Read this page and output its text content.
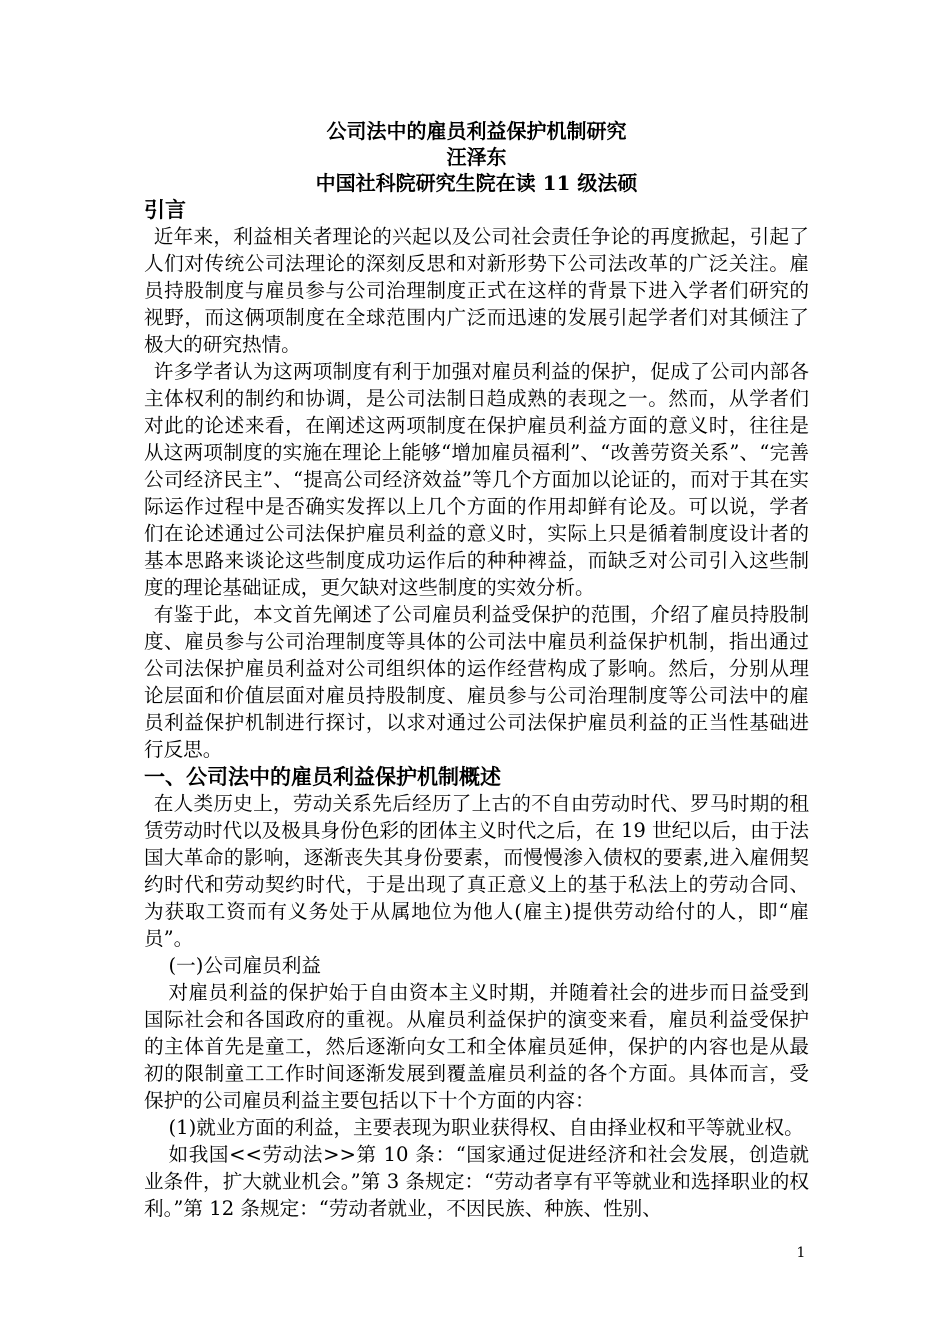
公司法中的雇员利益保护机制研究
汪泽东
中国社科院研究生院在读 11 级法硕
引言

近年来，利益相关者理论的兴起以及公司社会责任争论的再度掀起，引起了人们对传统公司法理论的深刻反思和对新形势下公司法改革的广泛关注。雇员持股制度与雇员参与公司治理制度正式在这样的背景下进入学者们研究的视野，而这俩项制度在全球范围内广泛而迅速的发展引起学者们对其倾注了极大的研究热情。

许多学者认为这两项制度有利于加强对雇员利益的保护，促成了公司内部各主体权利的制约和协调，是公司法制日趋成熟的表现之一。然而，从学者们对此的论述来看，在阐述这两项制度在保护雇员利益方面的意义时，往往是从这两项制度的实施在理论上能够“增加雇员福利”、“改善劳资关系”、“完善公司经济民主”、“提高公司经济效益”等几个方面加以论证的，而对于其在实际运作过程中是否确实发挥以上几个方面的作用却鲜有论及。可以说，学者们在论述通过公司法保护雇员利益的意义时，实际上只是循着制度设计者的基本思路来谈论这些制度成功运作后的种种裨益，而缺乏对公司引入这些制度的理论基础证成，更欠缺对这些制度的实效分析。

有鉴于此，本文首先阐述了公司雇员利益受保护的范围，介绍了雇员持股制度、雇员参与公司治理制度等具体的公司法中雇员利益保护机制，指出通过公司法保护雇员利益对公司组织体的运作经营构成了影响。然后，分别从理论层面和价值层面对雇员持股制度、雇员参与公司治理制度等公司法中的雇员利益保护机制进行探讨，以求对通过公司法保护雇员利益的正当性基础进行反思。

一、公司法中的雇员利益保护机制概述

在人类历史上，劳动关系先后经历了上古的不自由劳动时代、罗马时期的租赁劳动时代以及极具身份色彩的团体主义时代之后，在 19 世纪以后，由于法国大革命的影响，逐渐丧失其身份要素，而慢慢渗入债权的要素,进入雇佣契约时代和劳动契约时代，于是出现了真正意义上的基于私法上的劳动合同、为获取工资而有义务处于从属地位为他人(雇主)提供劳动给付的人，即“雇员”。

(一)公司雇员利益

对雇员利益的保护始于自由资本主义时期，并随着社会的进步而日益受到国际社会和各国政府的重视。从雇员利益保护的演变来看，雇员利益受保护的主体首先是童工，然后逐渐向女工和全体雇员延伸，保护的内容也是从最初的限制童工工作时间逐渐发展到覆盖雇员利益的各个方面。具体而言，受保护的公司雇员利益主要包括以下十个方面的内容：

(1)就业方面的利益，主要表现为职业获得权、自由择业权和平等就业权。

如我国<<劳动法>>第 10 条：“国家通过促进经济和社会发展，创造就业条件，扩大就业机会。”第 3 条规定：“劳动者享有平等就业和选择职业的权利。”第 12 条规定：“劳动者就业，不因民族、种族、性别、

1
